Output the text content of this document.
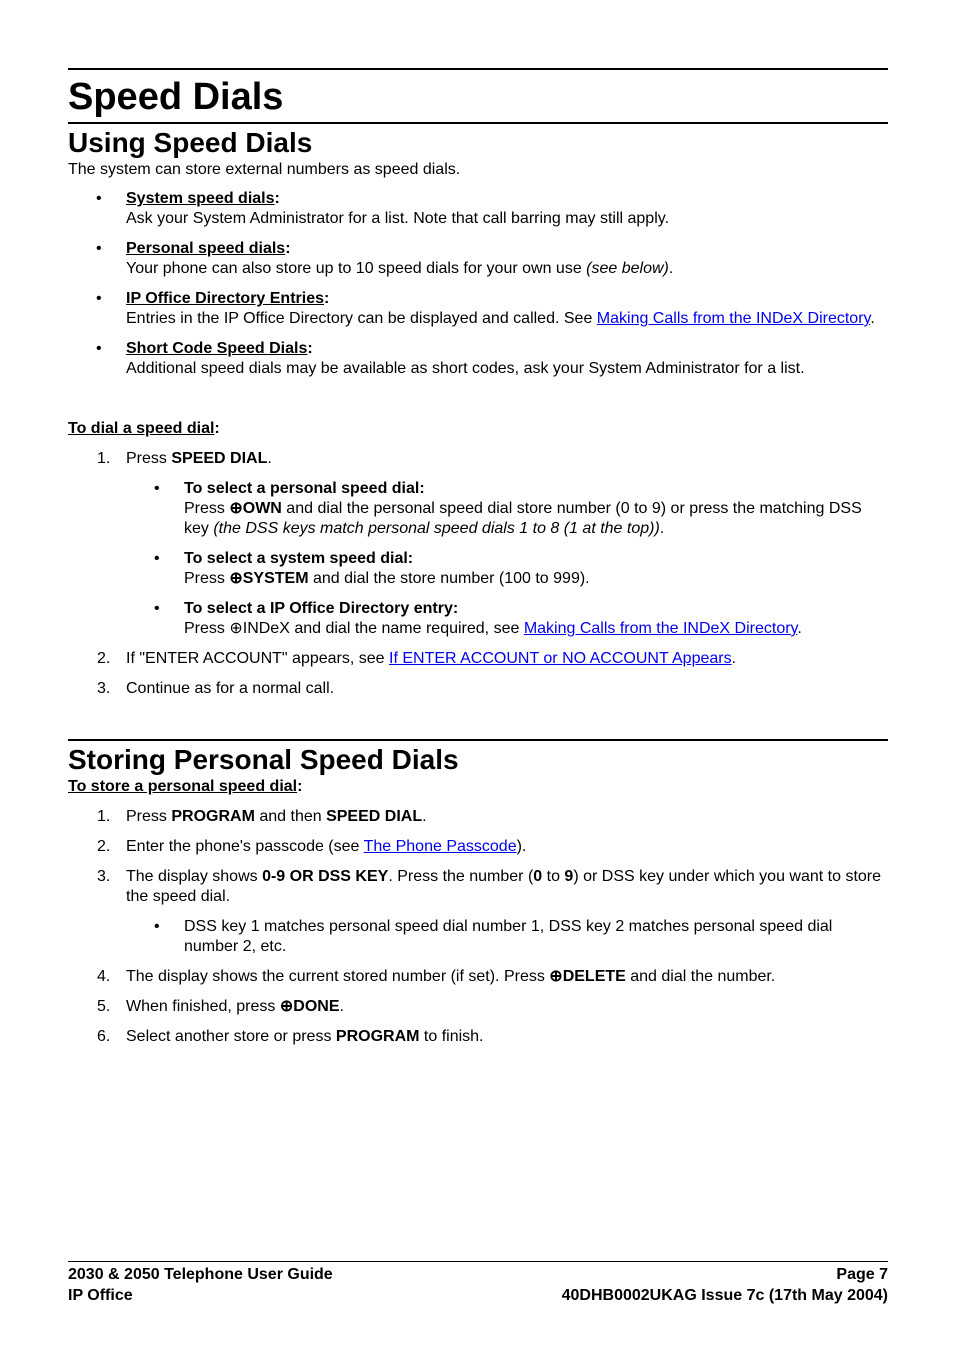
Speed Dials
Using Speed Dials

The system can store external numbers as speed dials.

• System speed dials:
Ask your System Administrator for a list. Note that call barring may still apply.
• Personal speed dials:
Your phone can also store up to 10 speed dials for your own use (see below).
• IP Office Directory Entries:
Entries in the IP Office Directory can be displayed and called. See Making Calls from the INDeX Directory.
• Short Code Speed Dials:
Additional speed dials may be available as short codes, ask your System Administrator for a list.

To dial a speed dial:

1. Press SPEED DIAL.
• To select a personal speed dial:
Press ⊕OWN and dial the personal speed dial store number (0 to 9) or press the matching DSS key (the DSS keys match personal speed dials 1 to 8 (1 at the top)).
• To select a system speed dial:
Press ⊕SYSTEM and dial the store number (100 to 999).
• To select a IP Office Directory entry:
Press ⊕INDeX and dial the name required, see Making Calls from the INDeX Directory.
2. If "ENTER ACCOUNT" appears, see If ENTER ACCOUNT or NO ACCOUNT Appears.
3. Continue as for a normal call.
Storing Personal Speed Dials

To store a personal speed dial:

1. Press PROGRAM and then SPEED DIAL.
2. Enter the phone's passcode (see The Phone Passcode).
3. The display shows 0-9 OR DSS KEY. Press the number (0 to 9) or DSS key under which you want to store the speed dial.
• DSS key 1 matches personal speed dial number 1, DSS key 2 matches personal speed dial number 2, etc.
4. The display shows the current stored number (if set). Press ⊕DELETE and dial the number.
5. When finished, press ⊕DONE.
6. Select another store or press PROGRAM to finish.
2030 & 2050 Telephone User Guide	Page 7
IP Office	40DHB0002UKAG Issue 7c (17th May 2004)
